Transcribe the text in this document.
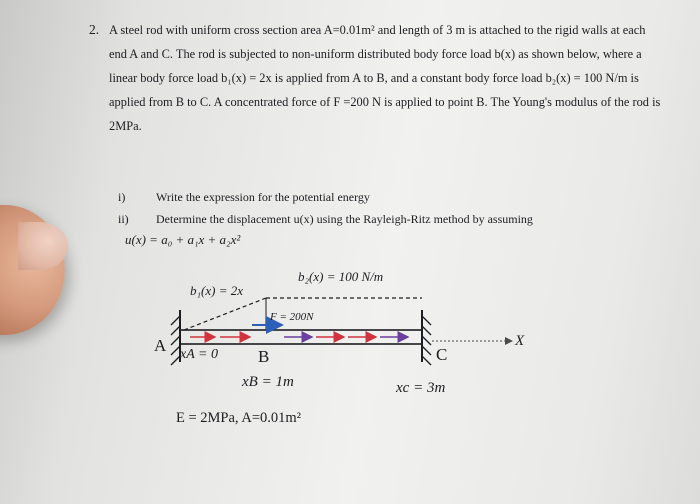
2. A steel rod with uniform cross section area A=0.01m² and length of 3 m is attached to the rigid walls at each end A and C. The rod is subjected to non-uniform distributed body force load b(x) as shown below, where a linear body force load b₁(x) = 2x is applied from A to B, and a constant body force load b₂(x) = 100 N/m is applied from B to C. A concentrated force of F =200 N is applied to point B. The Young's modulus of the rod is 2MPa.
i)	Write the expression for the potential energy
ii) Determine the displacement u(x) using the Rayleigh-Ritz method by assuming
u(x) = a₀ + a₁x + a₂x²
b₁(x) = 2x
b₂(x) = 100 N/m
F = 200N
A xA = 0 B	C
X
xB = 1m	xc = 3m
E = 2MPa, A=0.01m²
